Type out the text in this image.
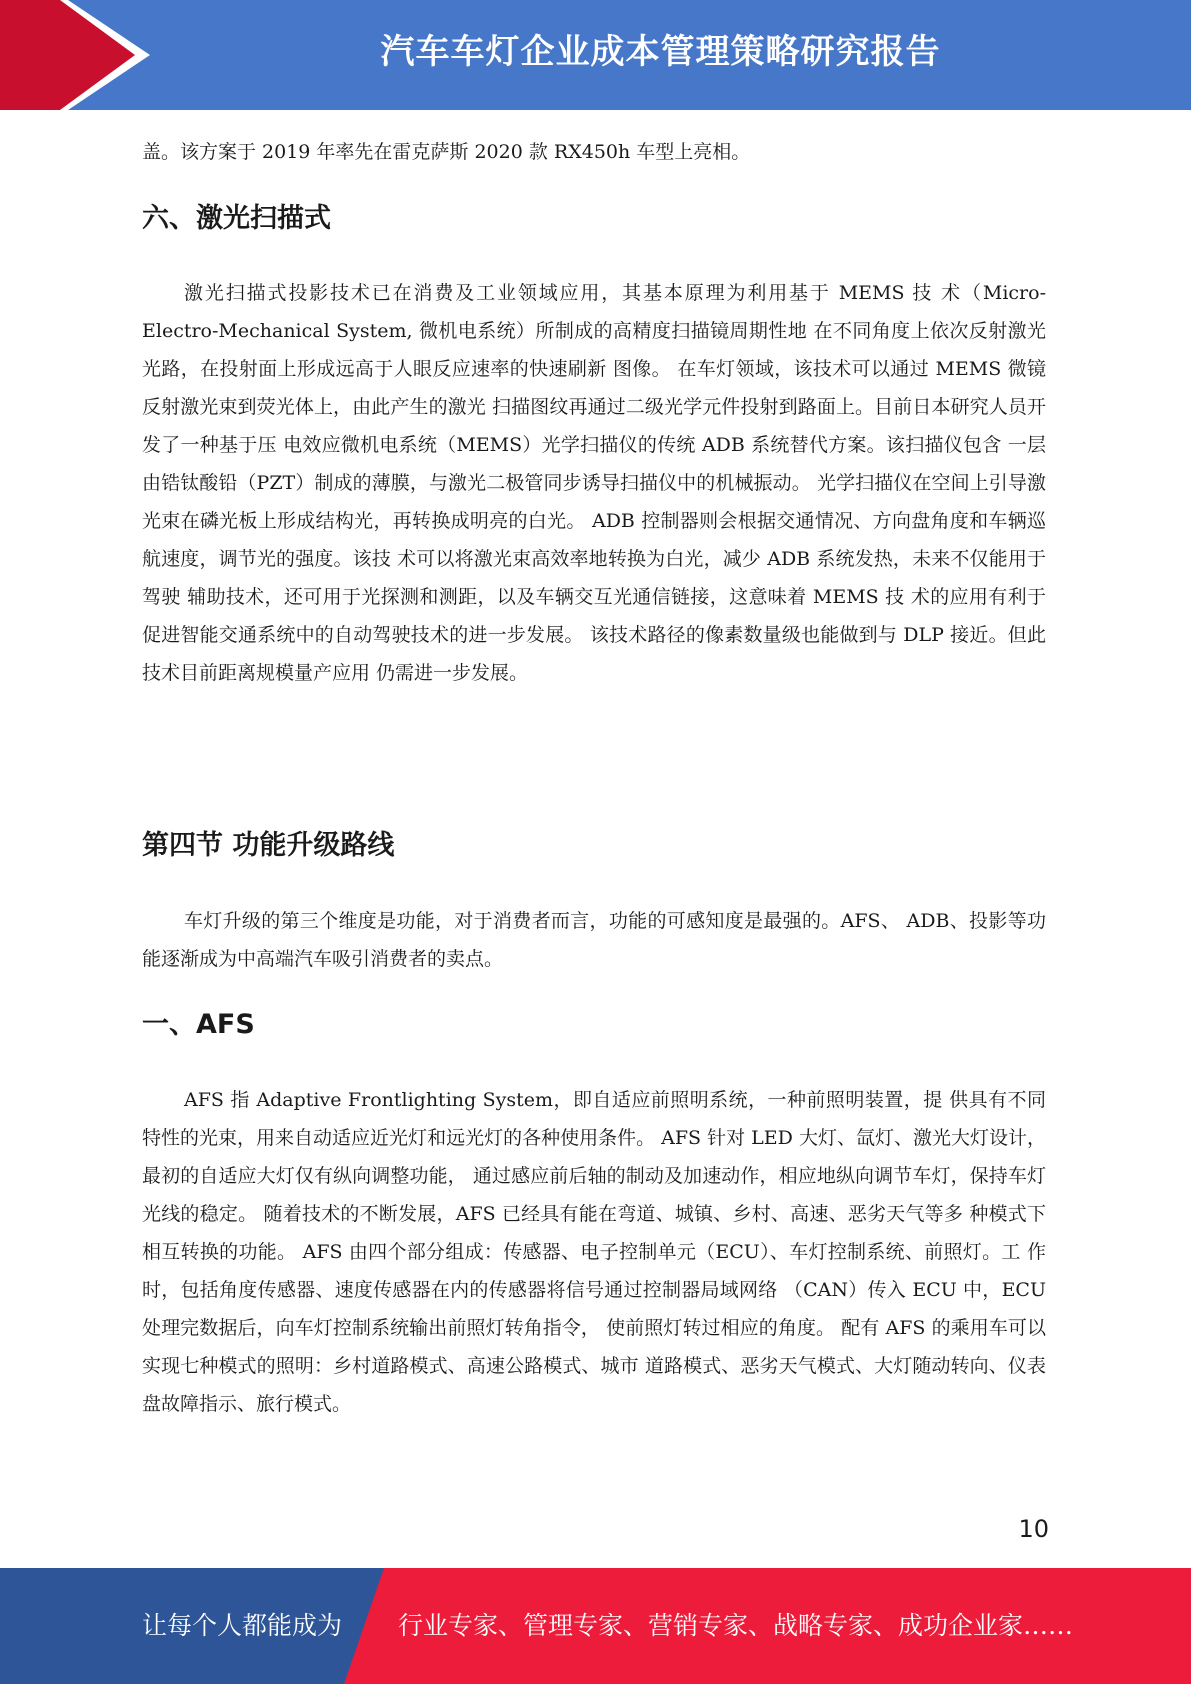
汽车车灯企业成本管理策略研究报告

盖。该方案于 2019 年率先在雷克萨斯 2020 款 RX450h 车型上亮相。

六、激光扫描式

激光扫描式投影技术已在消费及工业领域应用，其基本原理为利用基于 MEMS 技 术（Micro-Electro-Mechanical System, 微机电系统）所制成的高精度扫描镜周期性地 在不同角度上依次反射激光光路，在投射面上形成远高于人眼反应速率的快速刷新 图像。 在车灯领域，该技术可以通过 MEMS 微镜反射激光束到荧光体上，由此产生的激光 扫描图纹再通过二级光学元件投射到路面上。目前日本研究人员开发了一种基于压 电效应微机电系统（MEMS）光学扫描仪的传统 ADB 系统替代方案。该扫描仪包含 一层由锆钛酸铅（PZT）制成的薄膜，与激光二极管同步诱导扫描仪中的机械振动。 光学扫描仪在空间上引导激光束在磷光板上形成结构光，再转换成明亮的白光。 ADB 控制器则会根据交通情况、方向盘角度和车辆巡航速度，调节光的强度。该技 术可以将激光束高效率地转换为白光，减少 ADB 系统发热，未来不仅能用于驾驶 辅助技术，还可用于光探测和测距，以及车辆交互光通信链接，这意味着 MEMS 技 术的应用有利于促进智能交通系统中的自动驾驶技术的进一步发展。 该技术路径的像素数量级也能做到与 DLP 接近。但此技术目前距离规模量产应用 仍需进一步发展。

第四节 功能升级路线

车灯升级的第三个维度是功能，对于消费者而言，功能的可感知度是最强的。AFS、 ADB、投影等功能逐渐成为中高端汽车吸引消费者的卖点。

一、AFS

AFS 指 Adaptive Frontlighting System，即自适应前照明系统，一种前照明装置，提 供具有不同特性的光束，用来自动适应近光灯和远光灯的各种使用条件。 AFS 针对 LED 大灯、氙灯、激光大灯设计，最初的自适应大灯仅有纵向调整功能， 通过感应前后轴的制动及加速动作，相应地纵向调节车灯，保持车灯光线的稳定。 随着技术的不断发展，AFS 已经具有能在弯道、城镇、乡村、高速、恶劣天气等多 种模式下相互转换的功能。 AFS 由四个部分组成：传感器、电子控制单元（ECU）、车灯控制系统、前照灯。工 作时，包括角度传感器、速度传感器在内的传感器将信号通过控制器局域网络 （CAN）传入 ECU 中，ECU 处理完数据后，向车灯控制系统输出前照灯转角指令， 使前照灯转过相应的角度。 配有 AFS 的乘用车可以实现七种模式的照明：乡村道路模式、高速公路模式、城市 道路模式、恶劣天气模式、大灯随动转向、仪表盘故障指示、旅行模式。

10
让每个人都能成为 行业专家、管理专家、营销专家、战略专家、成功企业家……
